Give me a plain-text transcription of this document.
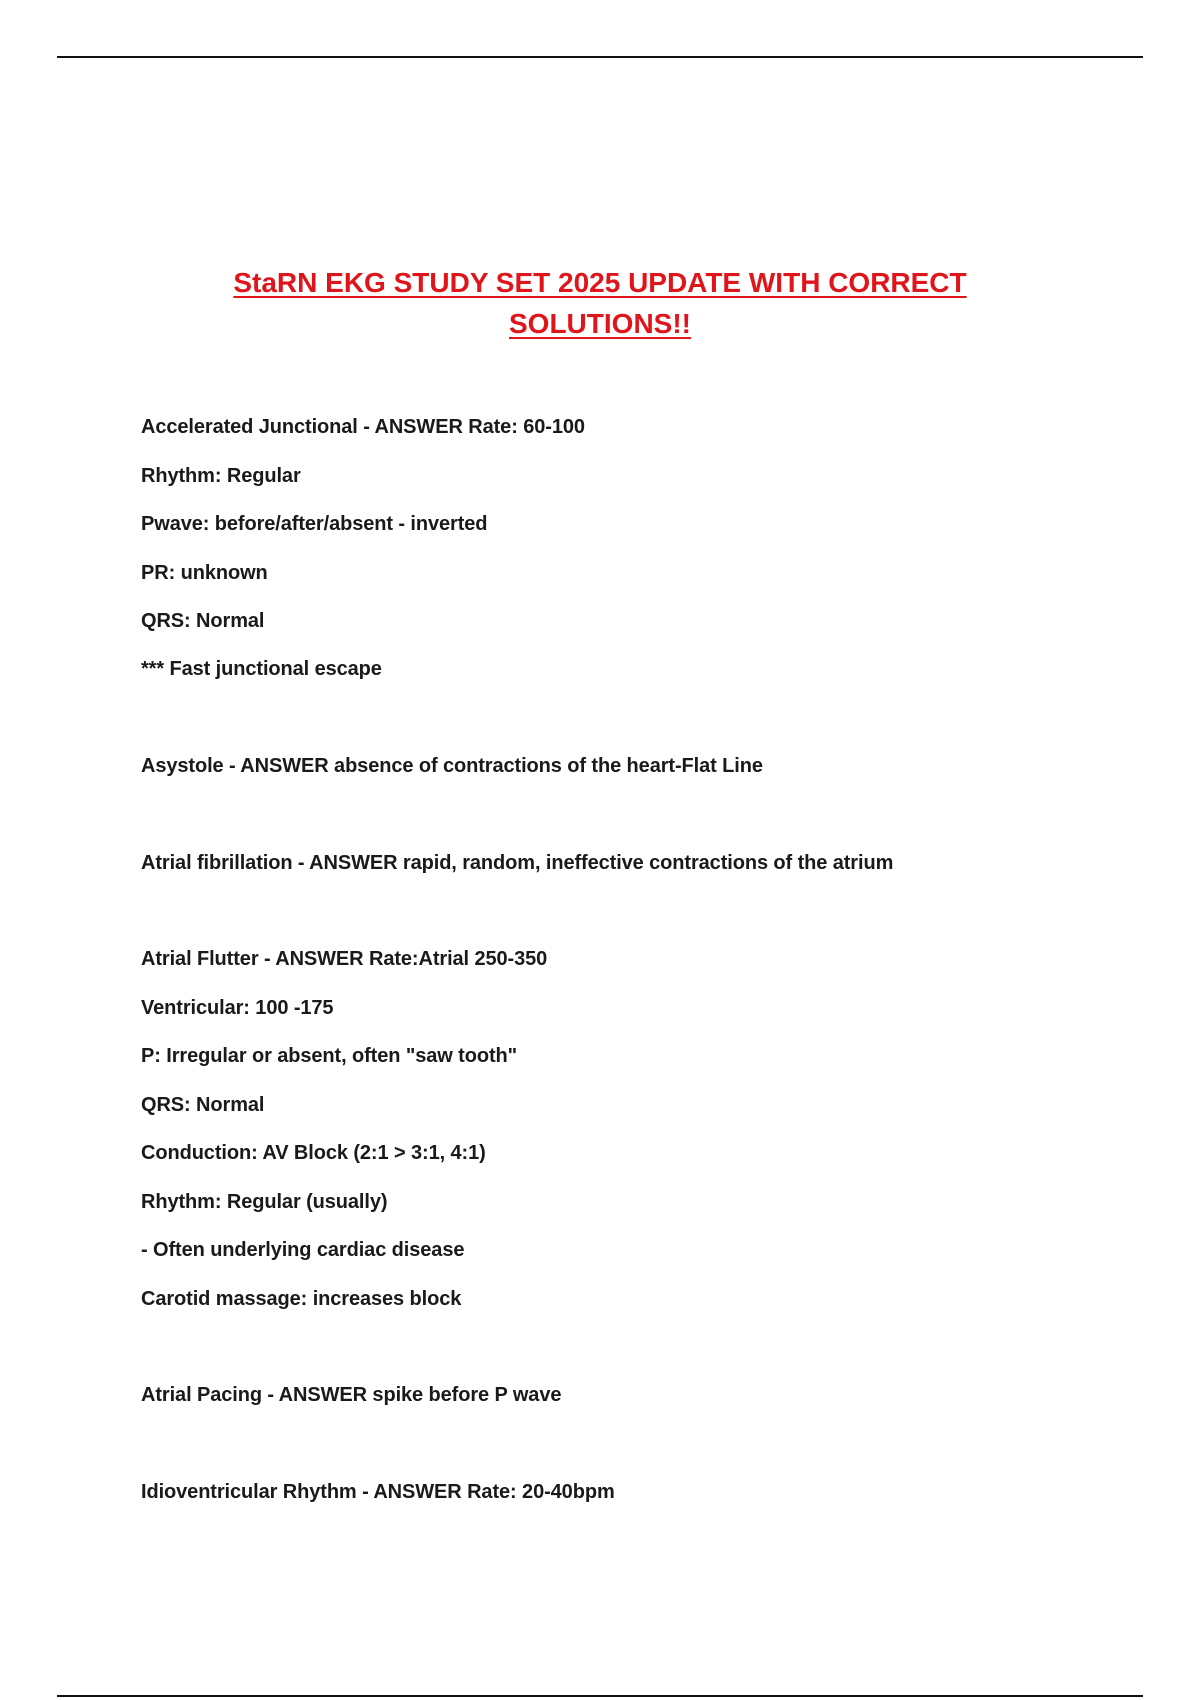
StaRN EKG STUDY SET 2025 UPDATE WITH CORRECT
SOLUTIONS!!

Accelerated Junctional - ANSWER Rate: 60-100

Rhythm: Regular

Pwave: before/after/absent - inverted

PR: unknown

QRS: Normal

*** Fast junctional escape

Asystole - ANSWER absence of contractions of the heart-Flat Line

Atrial fibrillation - ANSWER rapid, random, ineffective contractions of the atrium

Atrial Flutter - ANSWER Rate:Atrial 250-350

Ventricular: 100 -175

P: Irregular or absent, often "saw tooth"

QRS: Normal

Conduction: AV Block (2:1 > 3:1, 4:1)

Rhythm: Regular (usually)

- Often underlying cardiac disease

Carotid massage: increases block

Atrial Pacing - ANSWER spike before P wave

Idioventricular Rhythm - ANSWER Rate: 20-40bpm
